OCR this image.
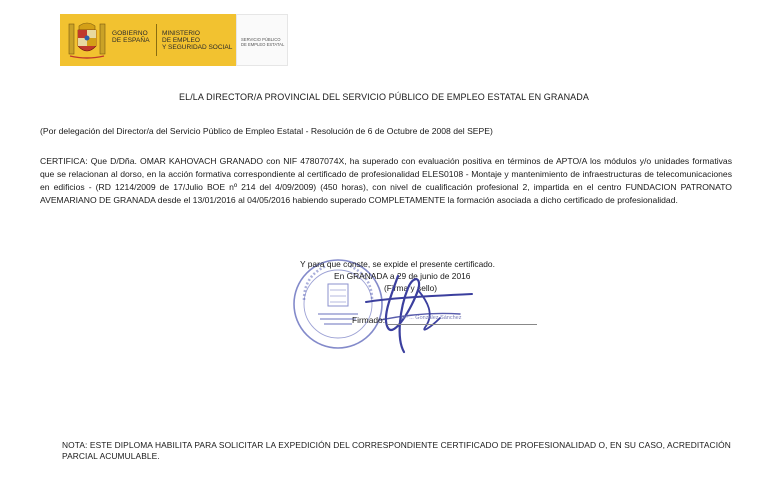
GOBIERNO
DE ESPAÑA
MINISTERIO
DE EMPLEO
Y SEGURIDAD SOCIAL
SERVICIO PÚBLICO
DE EMPLEO ESTATAL
EL/LA DIRECTOR/A PROVINCIAL DEL SERVICIO PÚBLICO DE EMPLEO ESTATAL EN GRANADA
(Por delegación del Director/a del Servicio Público de Empleo Estatal - Resolución de 6 de Octubre de 2008 del SEPE)
CERTIFICA: Que D/Dña. OMAR KAHOVACH GRANADO con NIF 47807074X, ha superado con evaluación positiva en términos de APTO/A los módulos y/o unidades formativas que se relacionan al dorso, en la acción formativa correspondiente al certificado de profesionalidad ELES0108 - Montaje y mantenimiento de infraestructuras de telecomunicaciones en edificios - (RD 1214/2009 de 17/Julio BOE nº 214 del 4/09/2009) (450 horas), con nivel de cualificación profesional 2, impartida en el centro FUNDACION PATRONATO AVEMARIANO DE GRANADA desde el 13/01/2016 al 04/05/2016 habiendo superado COMPLETAMENTE la formación asociada a dicho certificado de profesionalidad.
Y para que conste, se expide el presente certificado.
En GRANADA a 29 de junio de 2016
(Firma y sello)
Firmado:	Mª ... González Sánchez
NOTA: ESTE DIPLOMA HABILITA PARA SOLICITAR LA EXPEDICIÓN DEL CORRESPONDIENTE CERTIFICADO DE PROFESIONALIDAD O, EN SU CASO, ACREDITACIÓN PARCIAL ACUMULABLE.
